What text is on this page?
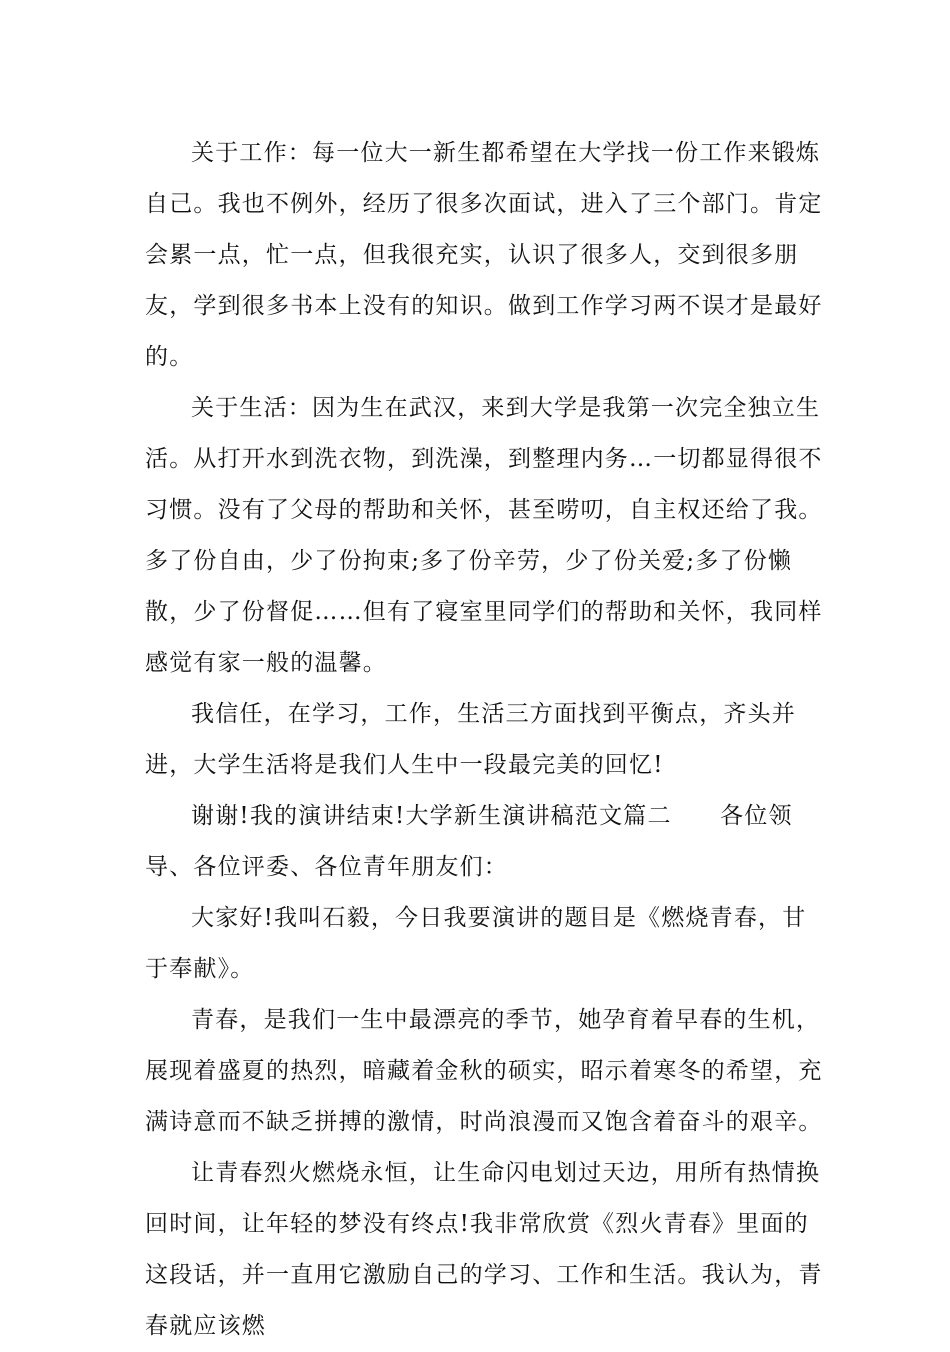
关于工作：每一位大一新生都希望在大学找一份工作来锻炼自己。我也不例外，经历了很多次面试，进入了三个部门。肯定会累一点，忙一点，但我很充实，认识了很多人，交到很多朋友，学到很多书本上没有的知识。做到工作学习两不误才是最好的。

关于生活：因为生在武汉，来到大学是我第一次完全独立生活。从打开水到洗衣物，到洗澡，到整理内务…一切都显得很不习惯。没有了父母的帮助和关怀，甚至唠叨，自主权还给了我。多了份自由，少了份拘束;多了份辛劳，少了份关爱;多了份懒散，少了份督促……但有了寝室里同学们的帮助和关怀，我同样感觉有家一般的温馨。

我信任，在学习，工作，生活三方面找到平衡点，齐头并进，大学生活将是我们人生中一段最完美的回忆!

谢谢!我的演讲结束!大学新生演讲稿范文篇二　　各位领导、各位评委、各位青年朋友们：

大家好!我叫石毅，今日我要演讲的题目是《燃烧青春，甘于奉献》。

青春，是我们一生中最漂亮的季节，她孕育着早春的生机，展现着盛夏的热烈，暗藏着金秋的硕实，昭示着寒冬的希望，充满诗意而不缺乏拼搏的激情，时尚浪漫而又饱含着奋斗的艰辛。

让青春烈火燃烧永恒，让生命闪电划过天边，用所有热情换回时间，让年轻的梦没有终点!我非常欣赏《烈火青春》里面的这段话，并一直用它激励自己的学习、工作和生活。我认为，青春就应该燃
